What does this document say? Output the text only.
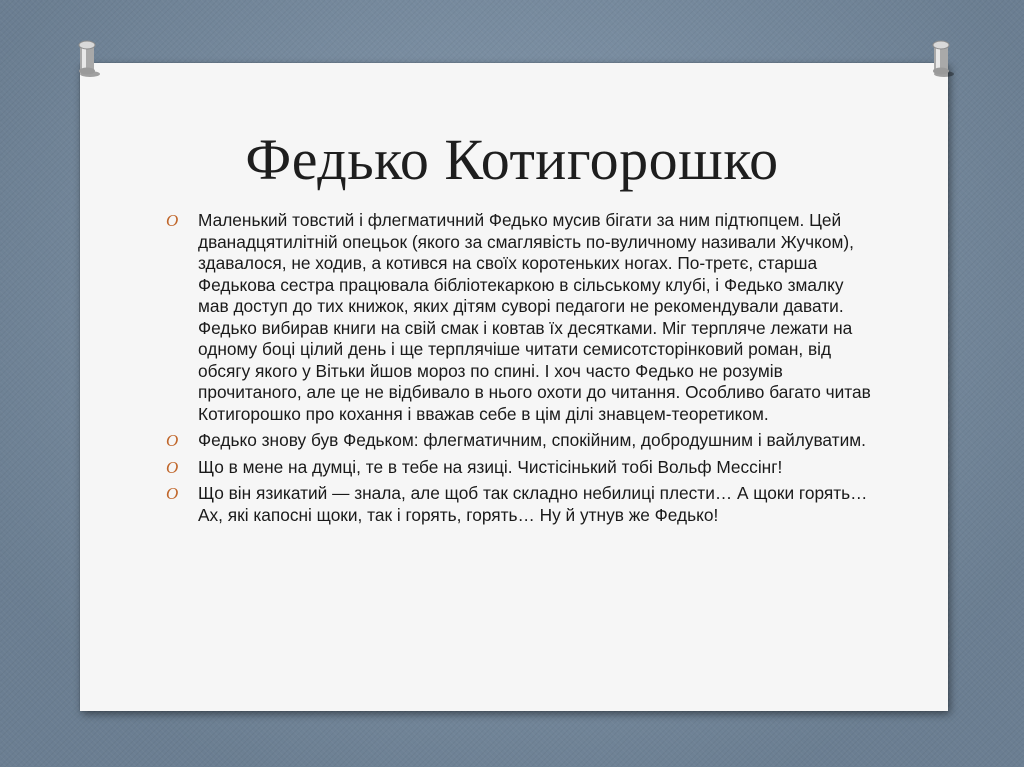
Федько Котигорошко
O Маленький товстий і флегматичний Федько мусив бігати за ним підтюпцем. Цей дванадцятилітній опецьок (якого за смаглявість по-вуличному називали Жучком), здавалося, не ходив, а котився на своїх коротеньких ногах. По-третє, старша Федькова сестра працювала бібліотекаркою в сільському клубі, і Федько змалку мав доступ до тих книжок, яких дітям суворі педагоги не рекомендували давати. Федько вибирав книги на свій смак і ковтав їх десятками. Міг терпляче лежати на одному боці цілий день і ще терплячіше читати семисотсторінковий роман, від обсягу якого у Вітьки йшов мороз по спині. І хоч часто Федько не розумів прочитаного, але це не відбивало в нього охоти до читання. Особливо багато читав Котигорошко про кохання і вважав себе в цім ділі знавцем-теоретиком.
O Федько знову був Федьком: флегматичним, спокійним, добродушним і вайлуватим.
O Що в мене на думці, те в тебе на язиці. Чистісінький тобі Вольф Мессінг!
O Що він язикатий — знала, але щоб так складно небилиці плести… А щоки горять… Ах, які капосні щоки, так і горять, горять… Ну й утнув же Федько!
